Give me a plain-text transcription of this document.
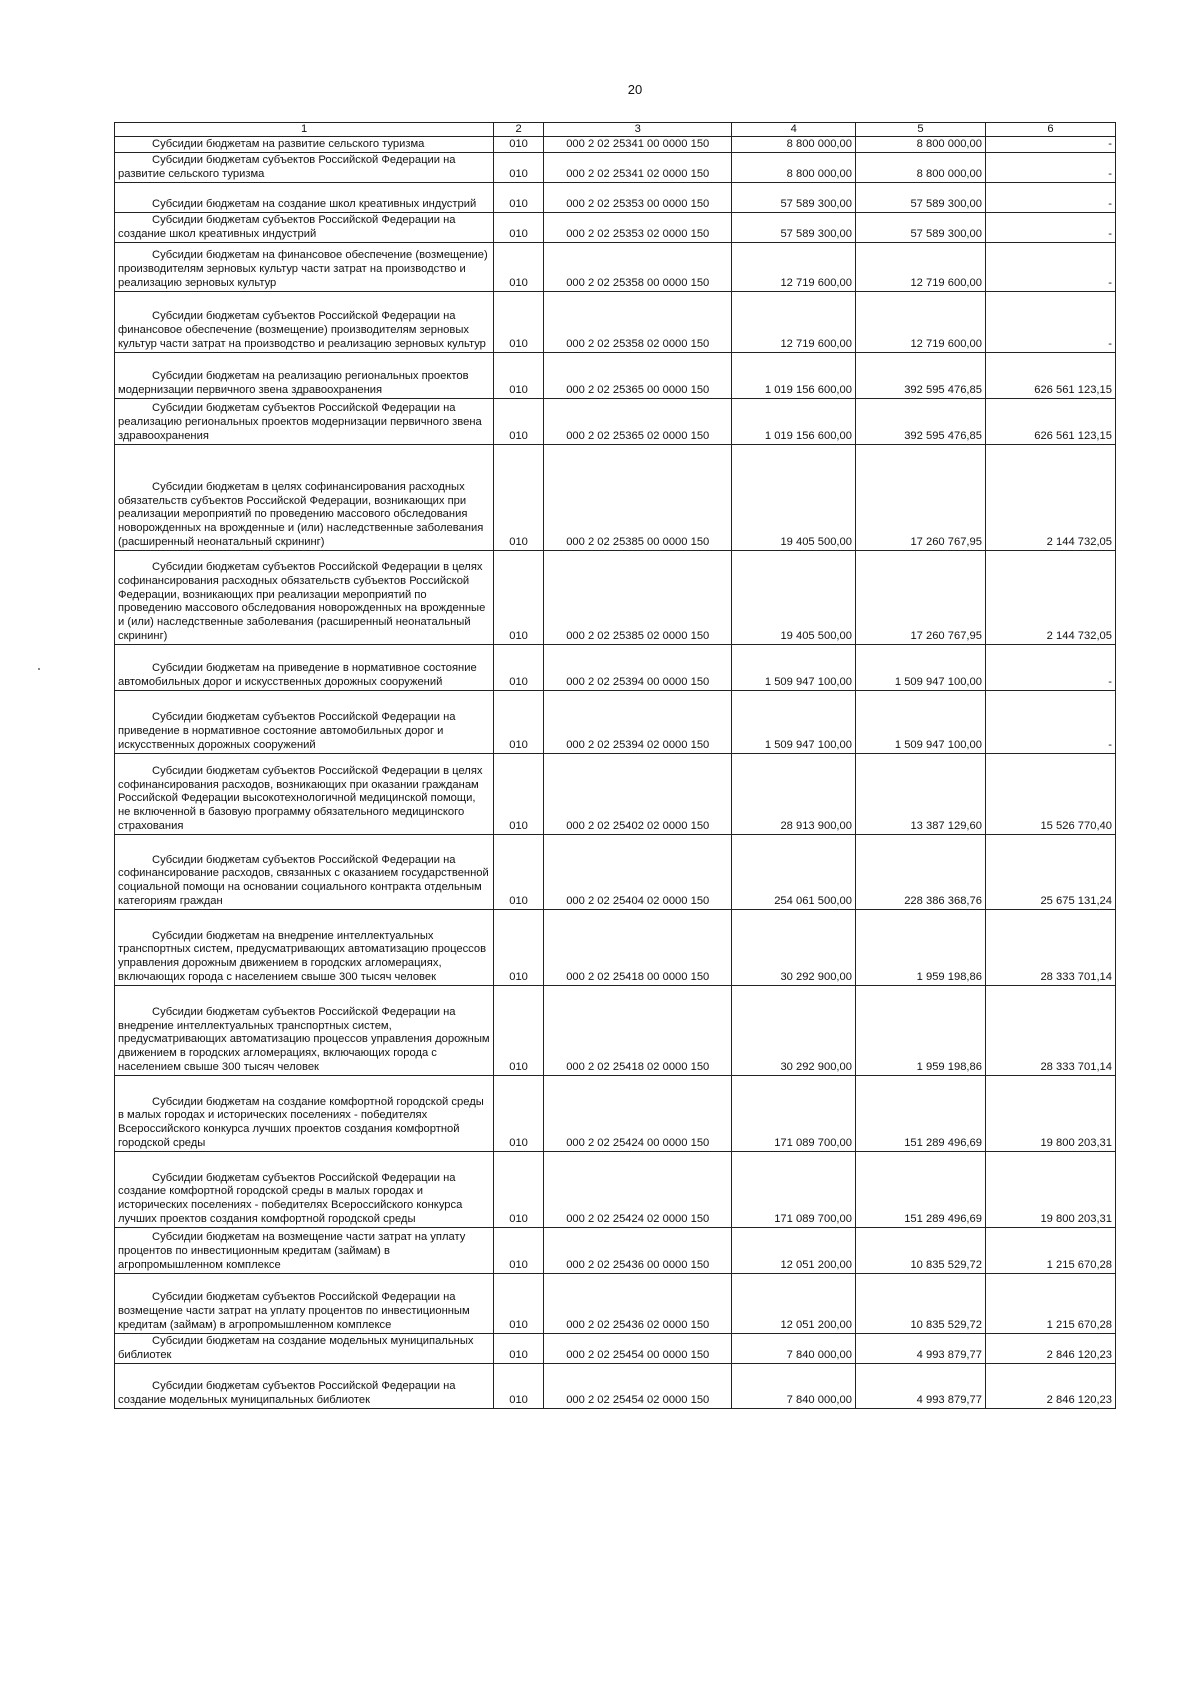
20
1	2	3	4	5	6
Субсидии бюджетам на развитие сельского туризма	010	000 2 02 25341 00 0000 150	8 800 000,00	8 800 000,00	-
Субсидии бюджетам субъектов Российской Федерации на развитие сельского туризма	010	000 2 02 25341 02 0000 150	8 800 000,00	8 800 000,00	-
Субсидии бюджетам на создание школ креативных индустрий	010	000 2 02 25353 00 0000 150	57 589 300,00	57 589 300,00	-
Субсидии бюджетам субъектов Российской Федерации на создание школ креативных индустрий	010	000 2 02 25353 02 0000 150	57 589 300,00	57 589 300,00	-
Субсидии бюджетам на финансовое обеспечение (возмещение) производителям зерновых культур части затрат на производство и реализацию зерновых культур	010	000 2 02 25358 00 0000 150	12 719 600,00	12 719 600,00	-
Субсидии бюджетам субъектов Российской Федерации на финансовое обеспечение (возмещение) производителям зерновых культур части затрат на производство и реализацию зерновых культур	010	000 2 02 25358 02 0000 150	12 719 600,00	12 719 600,00	-
Субсидии бюджетам на реализацию региональных проектов модернизации первичного звена здравоохранения	010	000 2 02 25365 00 0000 150	1 019 156 600,00	392 595 476,85	626 561 123,15
Субсидии бюджетам субъектов Российской Федерации на реализацию региональных проектов модернизации первичного звена здравоохранения	010	000 2 02 25365 02 0000 150	1 019 156 600,00	392 595 476,85	626 561 123,15
Субсидии бюджетам в целях софинансирования расходных обязательств субъектов Российской Федерации, возникающих при реализации мероприятий по проведению массового обследования новорожденных на врожденные и (или) наследственные заболевания (расширенный неонатальный скрининг)	010	000 2 02 25385 00 0000 150	19 405 500,00	17 260 767,95	2 144 732,05
Субсидии бюджетам субъектов Российской Федерации в целях софинансирования расходных обязательств субъектов Российской Федерации, возникающих при реализации мероприятий по проведению массового обследования новорожденных на врожденные и (или) наследственные заболевания (расширенный неонатальный скрининг)	010	000 2 02 25385 02 0000 150	19 405 500,00	17 260 767,95	2 144 732,05
Субсидии бюджетам на приведение в нормативное состояние автомобильных дорог и искусственных дорожных сооружений	010	000 2 02 25394 00 0000 150	1 509 947 100,00	1 509 947 100,00	-
Субсидии бюджетам субъектов Российской Федерации на приведение в нормативное состояние автомобильных дорог и искусственных дорожных сооружений	010	000 2 02 25394 02 0000 150	1 509 947 100,00	1 509 947 100,00	-
Субсидии бюджетам субъектов Российской Федерации в целях софинансирования расходов, возникающих при оказании гражданам Российской Федерации высокотехнологичной медицинской помощи, не включенной в базовую программу обязательного медицинского страхования	010	000 2 02 25402 02 0000 150	28 913 900,00	13 387 129,60	15 526 770,40
Субсидии бюджетам субъектов Российской Федерации на софинансирование расходов, связанных с оказанием государственной социальной помощи на основании социального контракта отдельным категориям граждан	010	000 2 02 25404 02 0000 150	254 061 500,00	228 386 368,76	25 675 131,24
Субсидии бюджетам на внедрение интеллектуальных транспортных систем, предусматривающих автоматизацию процессов управления дорожным движением в городских агломерациях, включающих города с населением свыше 300 тысяч человек	010	000 2 02 25418 00 0000 150	30 292 900,00	1 959 198,86	28 333 701,14
Субсидии бюджетам субъектов Российской Федерации на внедрение интеллектуальных транспортных систем, предусматривающих автоматизацию процессов управления дорожным движением в городских агломерациях, включающих города с населением свыше 300 тысяч человек	010	000 2 02 25418 02 0000 150	30 292 900,00	1 959 198,86	28 333 701,14
Субсидии бюджетам на создание комфортной городской среды в малых городах и исторических поселениях - победителях Всероссийского конкурса лучших проектов создания комфортной городской среды	010	000 2 02 25424 00 0000 150	171 089 700,00	151 289 496,69	19 800 203,31
Субсидии бюджетам субъектов Российской Федерации на создание комфортной городской среды в малых городах и исторических поселениях - победителях Всероссийского конкурса лучших проектов создания комфортной городской среды	010	000 2 02 25424 02 0000 150	171 089 700,00	151 289 496,69	19 800 203,31
Субсидии бюджетам на возмещение части затрат на уплату процентов по инвестиционным кредитам (займам) в агропромышленном комплексе	010	000 2 02 25436 00 0000 150	12 051 200,00	10 835 529,72	1 215 670,28
Субсидии бюджетам субъектов Российской Федерации на возмещение части затрат на уплату процентов по инвестиционным кредитам (займам) в агропромышленном комплексе	010	000 2 02 25436 02 0000 150	12 051 200,00	10 835 529,72	1 215 670,28
Субсидии бюджетам на создание модельных муниципальных библиотек	010	000 2 02 25454 00 0000 150	7 840 000,00	4 993 879,77	2 846 120,23
Субсидии бюджетам субъектов Российской Федерации на создание модельных муниципальных библиотек	010	000 2 02 25454 02 0000 150	7 840 000,00	4 993 879,77	2 846 120,23
